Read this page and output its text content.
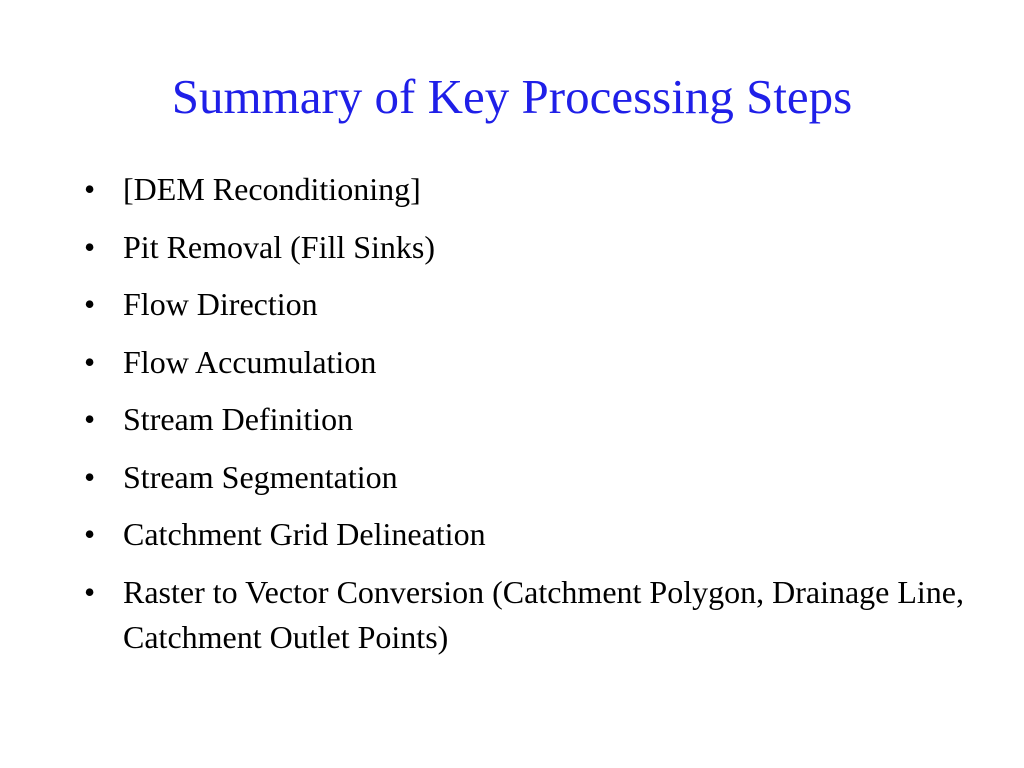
Summary of Key Processing Steps
• [DEM Reconditioning]
• Pit Removal (Fill Sinks)
• Flow Direction
• Flow Accumulation
• Stream Definition
• Stream Segmentation
• Catchment Grid Delineation
• Raster to Vector Conversion (Catchment Polygon, Drainage Line, Catchment Outlet Points)
